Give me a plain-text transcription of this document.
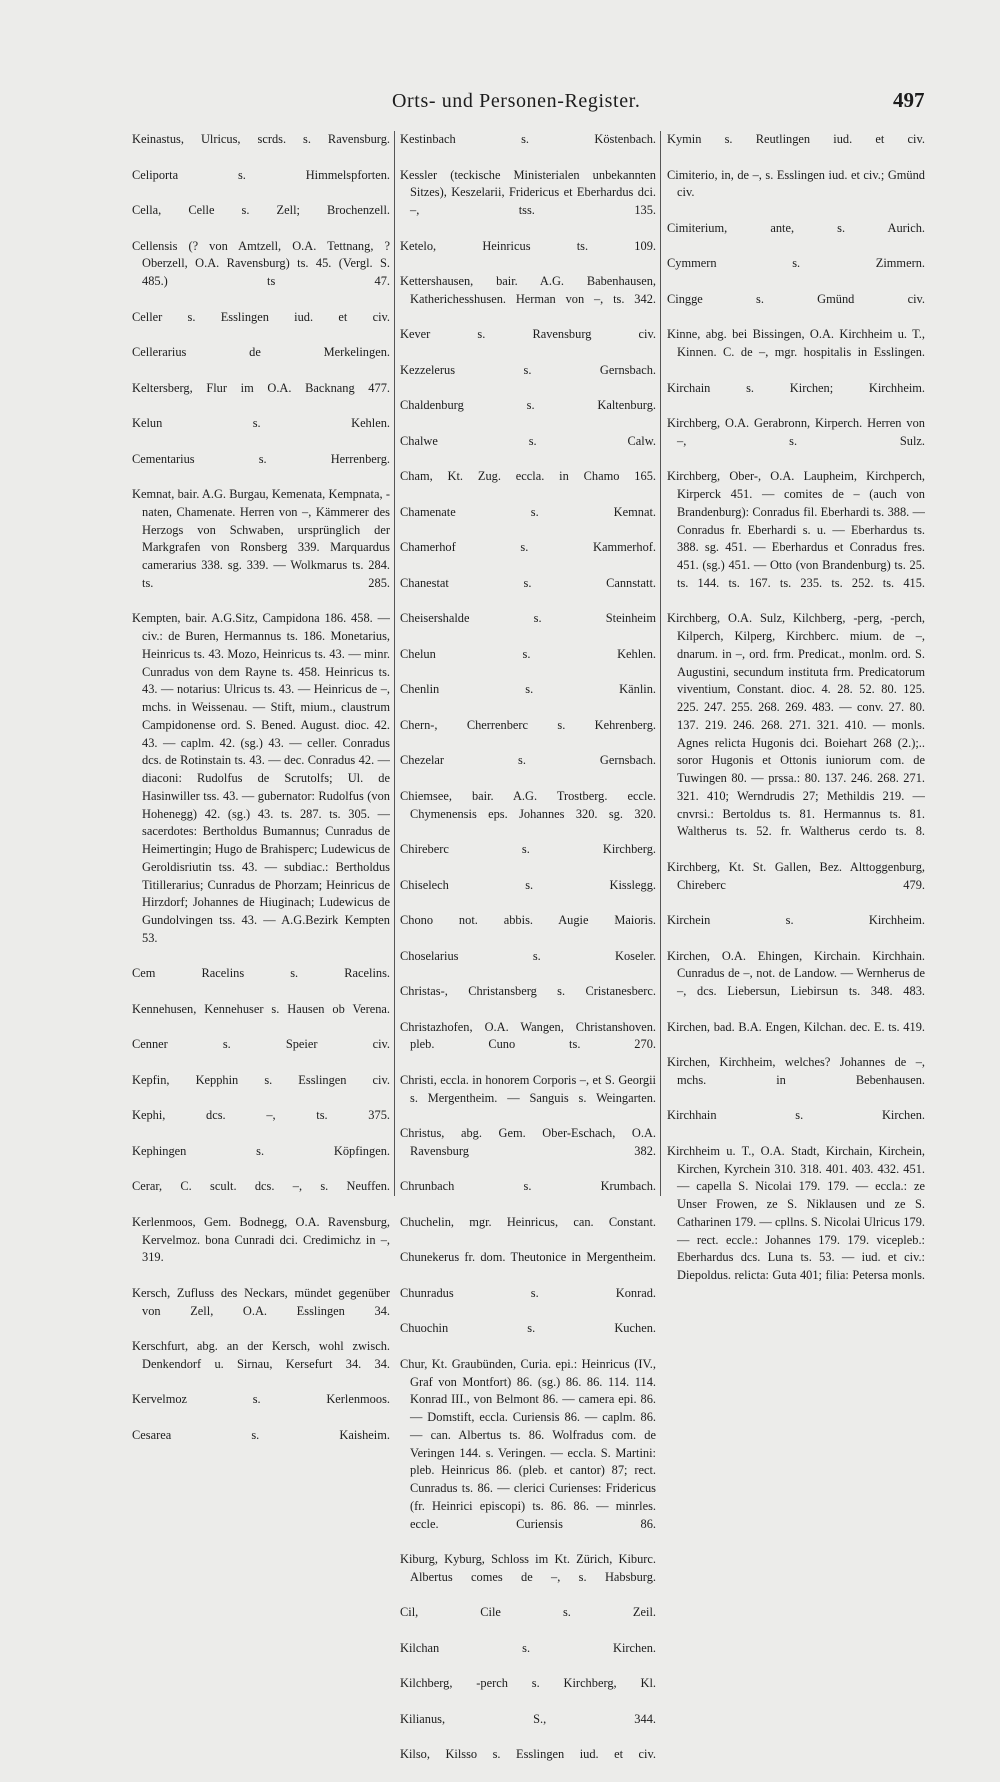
Orts- und Personen-Register.	497
Keinastus, Ulricus, scrds. s. Ravensburg.
Celiporta s. Himmelspforten.
Cella, Celle s. Zell; Brochenzell.
Cellensis (? von Amtzell, O.A. Tettnang, ? Oberzell, O.A. Ravensburg) ts. 45. (Vergl. S. 485.) ts 47.
Celler s. Esslingen iud. et civ.
Cellerarius de Merkelingen.
Keltersberg, Flur im O.A. Backnang 477.
Kelun s. Kehlen.
Cementarius s. Herrenberg.
Kemnat, bair. A.G. Burgau, Kemenata, Kempnata, -naten, Chamenate. Herren von –, Kämmerer des Herzogs von Schwaben, ursprünglich der Markgrafen von Ronsberg 339. Marquardus camerarius 338. sg. 339. — Wolkmarus ts. 284. ts. 285.
Kempten, bair. A.G.Sitz, Campidona 186. 458. — civ.: de Buren, Hermannus ts. 186. Monetarius, Heinricus ts. 43. Mozo, Heinricus ts. 43. — minr. Cunradus von dem Rayne ts. 458. Heinricus ts. 43. — notarius: Ulricus ts. 43. — Heinricus de –, mchs. in Weissenau. — Stift, mium., claustrum Campidonense ord. S. Bened. August. dioc. 42. 43. — caplm. 42. (sg.) 43. — celler. Conradus dcs. de Rotinstain ts. 43. — dec. Conradus 42. — diaconi: Rudolfus de Scrutolfs; Ul. de Hasinwiller tss. 43. — gubernator: Rudolfus (von Hohenegg) 42. (sg.) 43. ts. 287. ts. 305. — sacerdotes: Bertholdus Bumannus; Cunradus de Heimertingin; Hugo de Brahisperc; Ludewicus de Geroldisriutin tss. 43. — subdiac.: Bertholdus Titillerarius; Cunradus de Phorzam; Heinricus de Hirzdorf; Johannes de Hiuginach; Ludewicus de Gundolvingen tss. 43. — A.G.Bezirk Kempten 53.
Cem Racelins s. Racelins.
Kennehusen, Kennehuser s. Hausen ob Verena.
Cenner s. Speier civ.
Kepfin, Kepphin s. Esslingen civ.
Kephi, dcs. –, ts. 375.
Kephingen s. Köpfingen.
Cerar, C. scult. dcs. –, s. Neuffen.
Kerlenmoos, Gem. Bodnegg, O.A. Ravensburg, Kervelmoz. bona Cunradi dci. Credimichz in –, 319.
Kersch, Zufluss des Neckars, mündet gegenüber von Zell, O.A. Esslingen 34.
Kerschfurt, abg. an der Kersch, wohl zwisch. Denkendorf u. Sirnau, Kersefurt 34. 34.
Kervelmoz s. Kerlenmoos.
Cesarea s. Kaisheim.
Kestinbach s. Köstenbach.
Kessler (teckische Ministerialen unbekannten Sitzes), Keszelarii, Fridericus et Eberhardus dci. –, tss. 135.
Ketelo, Heinricus ts. 109.
Kettershausen, bair. A.G. Babenhausen, Katherichesshusen. Herman von –, ts. 342.
Kever s. Ravensburg civ.
Kezzelerus s. Gernsbach.
Chaldenburg s. Kaltenburg.
Chalwe s. Calw.
Cham, Kt. Zug. eccla. in Chamo 165.
Chamenate s. Kemnat.
Chamerhof s. Kammerhof.
Chanestat s. Cannstatt.
Cheisershalde s. Steinheim
Chelun s. Kehlen.
Chenlin s. Känlin.
Chern-, Cherrenberc s. Kehrenberg.
Chezelar s. Gernsbach.
Chiemsee, bair. A.G. Trostberg. eccle. Chymenensis eps. Johannes 320. sg. 320.
Chireberc s. Kirchberg.
Chiselech s. Kisslegg.
Chono not. abbis. Augie Maioris.
Choselarius s. Koseler.
Christas-, Christansberg s. Cristanesberc.
Christazhofen, O.A. Wangen, Christanshoven. pleb. Cuno ts. 270.
Christi, eccla. in honorem Corporis –, et S. Georgii s. Mergentheim. — Sanguis s. Weingarten.
Christus, abg. Gem. Ober-Eschach, O.A. Ravensburg 382.
Chrunbach s. Krumbach.
Chuchelin, mgr. Heinricus, can. Constant.
Chunekerus fr. dom. Theutonice in Mergentheim.
Chunradus s. Konrad.
Chuochin s. Kuchen.
Chur, Kt. Graubünden, Curia. epi.: Heinricus (IV., Graf von Montfort) 86. (sg.) 86. 86. 114. 114. Konrad III., von Belmont 86. — camera epi. 86. — Domstift, eccla. Curiensis 86. — caplm. 86. — can. Albertus ts. 86. Wolfradus com. de Veringen 144. s. Veringen. — eccla. S. Martini: pleb. Heinricus 86. (pleb. et cantor) 87; rect. Cunradus ts. 86. — clerici Curienses: Fridericus (fr. Heinrici episcopi) ts. 86. 86. — minrles. eccle. Curiensis 86.
Kiburg, Kyburg, Schloss im Kt. Zürich, Kiburc. Albertus comes de –, s. Habsburg.
Cil, Cile s. Zeil.
Kilchan s. Kirchen.
Kilchberg, -perch s. Kirchberg, Kl.
Kilianus, S., 344.
Kilso, Kilsso s. Esslingen iud. et civ.
Kymin s. Reutlingen iud. et civ.
Cimiterio, in, de –, s. Esslingen iud. et civ.; Gmünd civ.
Cimiterium, ante, s. Aurich.
Cymmern s. Zimmern.
Cingge s. Gmünd civ.
Kinne, abg. bei Bissingen, O.A. Kirchheim u. T., Kinnen. C. de –, mgr. hospitalis in Esslingen.
Kirchain s. Kirchen; Kirchheim.
Kirchberg, O.A. Gerabronn, Kirperch. Herren von –, s. Sulz.
Kirchberg, Ober-, O.A. Laupheim, Kirchperch, Kirperck 451. — comites de – (auch von Brandenburg): Conradus fil. Eberhardi ts. 388. — Conradus fr. Eberhardi s. u. — Eberhardus ts. 388. sg. 451. — Eberhardus et Conradus fres. 451. (sg.) 451. — Otto (von Brandenburg) ts. 25. ts. 144. ts. 167. ts. 235. ts. 252. ts. 415.
Kirchberg, O.A. Sulz, Kilchberg, -perg, -perch, Kilperch, Kilperg, Kirchberc. mium. de –, dnarum. in –, ord. frm. Predicat., monlm. ord. S. Augustini, secundum instituta frm. Predicatorum viventium, Constant. dioc. 4. 28. 52. 80. 125. 225. 247. 255. 268. 269. 483. — conv. 27. 80. 137. 219. 246. 268. 271. 321. 410. — monls. Agnes relicta Hugonis dci. Boiehart 268 (2.);.. soror Hugonis et Ottonis iuniorum com. de Tuwingen 80. — prssa.: 80. 137. 246. 268. 271. 321. 410; Werndrudis 27; Methildis 219. — cnvrsi.: Bertoldus ts. 81. Hermannus ts. 81. Waltherus ts. 52. fr. Waltherus cerdo ts. 8.
Kirchberg, Kt. St. Gallen, Bez. Alttoggenburg, Chireberc 479.
Kirchein s. Kirchheim.
Kirchen, O.A. Ehingen, Kirchain. Kirchhain. Cunradus de –, not. de Landow. — Wernherus de –, dcs. Liebersun, Liebirsun ts. 348. 483.
Kirchen, bad. B.A. Engen, Kilchan. dec. E. ts. 419.
Kirchen, Kirchheim, welches? Johannes de –, mchs. in Bebenhausen.
Kirchhain s. Kirchen.
Kirchheim u. T., O.A. Stadt, Kirchain, Kirchein, Kirchen, Kyrchein 310. 318. 401. 403. 432. 451. — capella S. Nicolai 179. 179. — eccla.: ze Unser Frowen, ze S. Niklausen und ze S. Catharinen 179. — cpllns. S. Nicolai Ulricus 179. — rect. eccle.: Johannes 179. 179. vicepleb.: Eberhardus dcs. Luna ts. 53. — iud. et civ.: Diepoldus. relicta: Guta 401; filia: Petersa monls.
